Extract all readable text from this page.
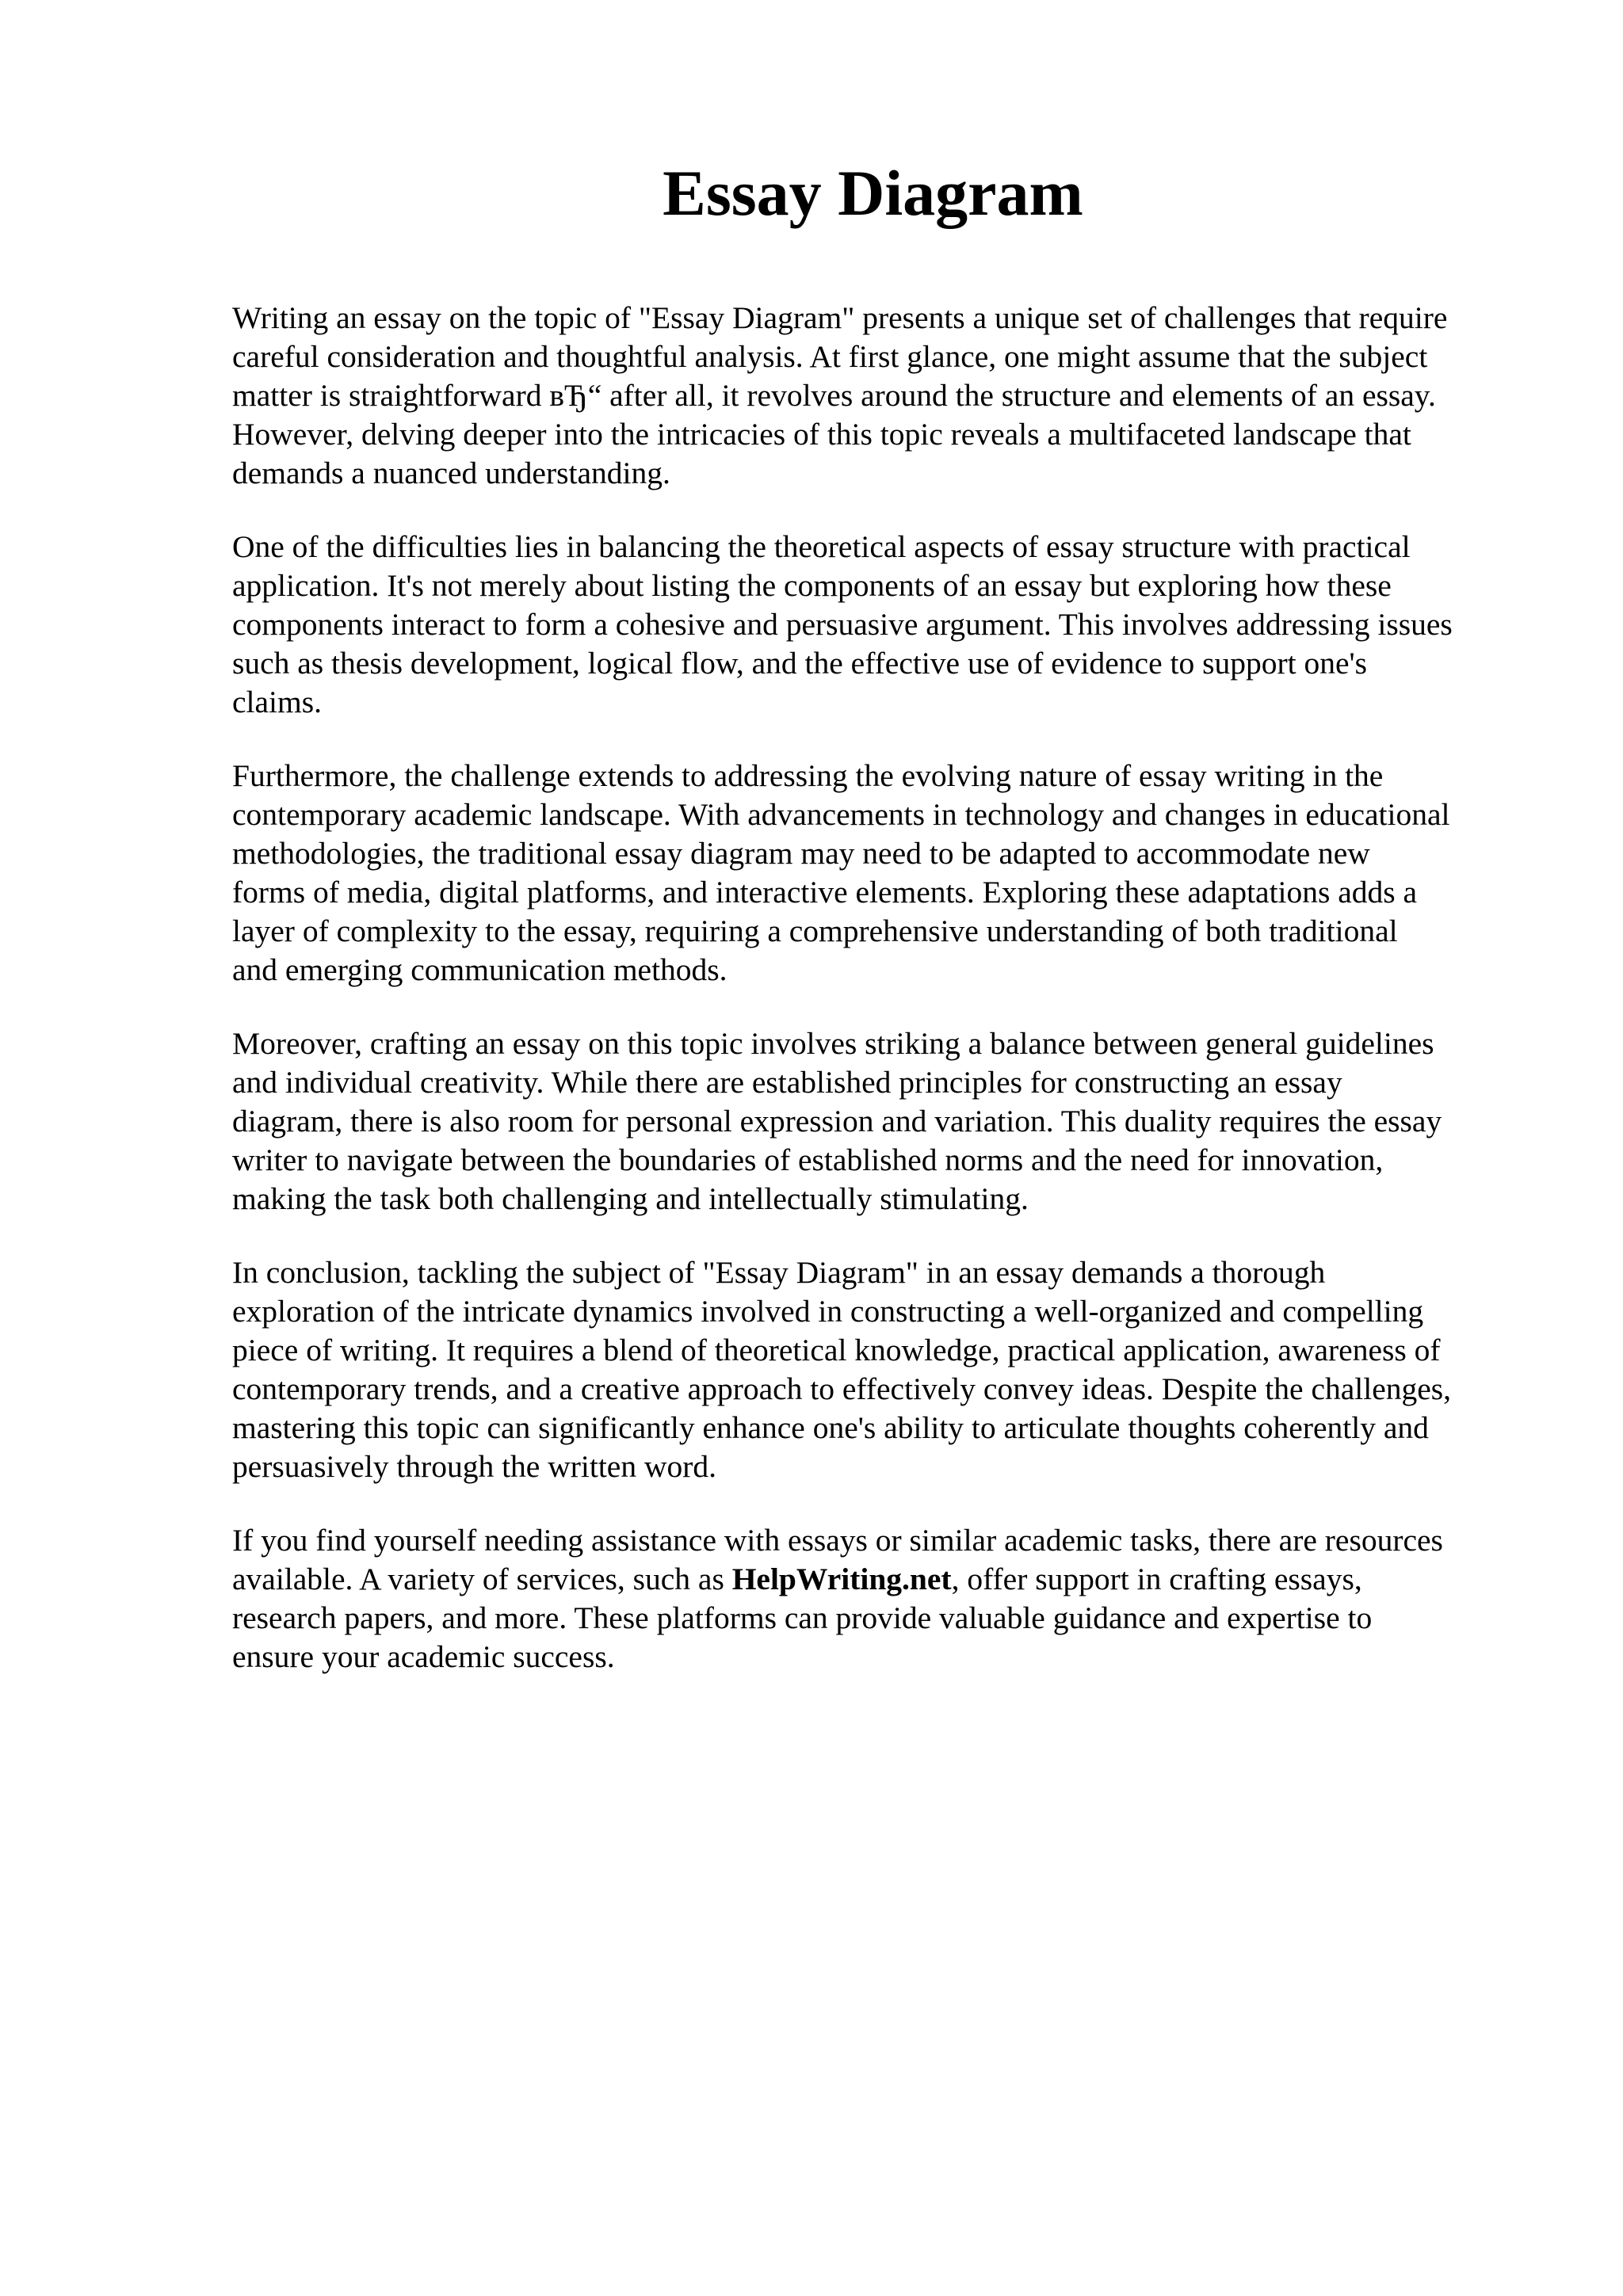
Essay Diagram

Writing an essay on the topic of "Essay Diagram" presents a unique set of challenges that require
careful consideration and thoughtful analysis. At first glance, one might assume that the subject
matter is straightforward вЂ“ after all, it revolves around the structure and elements of an essay.
However, delving deeper into the intricacies of this topic reveals a multifaceted landscape that
demands a nuanced understanding.

One of the difficulties lies in balancing the theoretical aspects of essay structure with practical
application. It's not merely about listing the components of an essay but exploring how these
components interact to form a cohesive and persuasive argument. This involves addressing issues
such as thesis development, logical flow, and the effective use of evidence to support one's
claims.

Furthermore, the challenge extends to addressing the evolving nature of essay writing in the
contemporary academic landscape. With advancements in technology and changes in educational
methodologies, the traditional essay diagram may need to be adapted to accommodate new
forms of media, digital platforms, and interactive elements. Exploring these adaptations adds a
layer of complexity to the essay, requiring a comprehensive understanding of both traditional
and emerging communication methods.

Moreover, crafting an essay on this topic involves striking a balance between general guidelines
and individual creativity. While there are established principles for constructing an essay
diagram, there is also room for personal expression and variation. This duality requires the essay
writer to navigate between the boundaries of established norms and the need for innovation,
making the task both challenging and intellectually stimulating.

In conclusion, tackling the subject of "Essay Diagram" in an essay demands a thorough
exploration of the intricate dynamics involved in constructing a well-organized and compelling
piece of writing. It requires a blend of theoretical knowledge, practical application, awareness of
contemporary trends, and a creative approach to effectively convey ideas. Despite the challenges,
mastering this topic can significantly enhance one's ability to articulate thoughts coherently and
persuasively through the written word.

If you find yourself needing assistance with essays or similar academic tasks, there are resources
available. A variety of services, such as HelpWriting.net, offer support in crafting essays,
research papers, and more. These platforms can provide valuable guidance and expertise to
ensure your academic success.
